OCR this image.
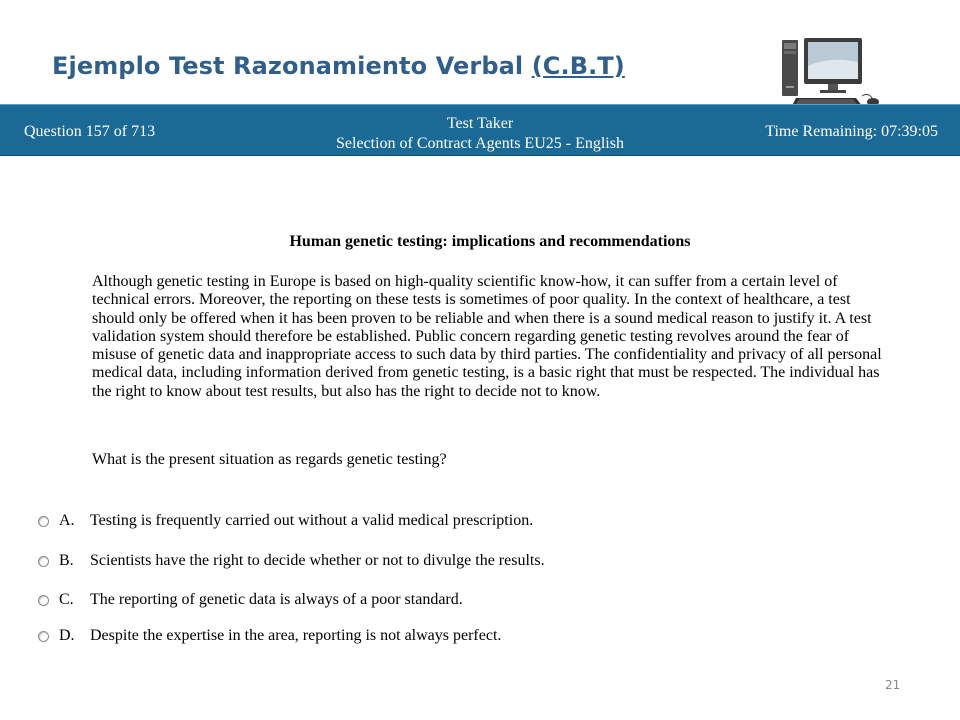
Ejemplo Test Razonamiento Verbal (C.B.T)
Question 157 of 713	Test Taker
Selection of Contract Agents EU25 - English
Time Remaining: 07:39:05
Human genetic testing: implications and recommendations
Although genetic testing in Europe is based on high-quality scientific know-how, it can suffer from a certain level of technical errors. Moreover, the reporting on these tests is sometimes of poor quality. In the context of healthcare, a test should only be offered when it has been proven to be reliable and when there is a sound medical reason to justify it. A test validation system should therefore be established. Public concern regarding genetic testing revolves around the fear of misuse of genetic data and inappropriate access to such data by third parties. The confidentiality and privacy of all personal medical data, including information derived from genetic testing, is a basic right that must be respected. The individual has the right to know about test results, but also has the right to decide not to know.
What is the present situation as regards genetic testing?
A. Testing is frequently carried out without a valid medical prescription.
B. Scientists have the right to decide whether or not to divulge the results.
C. The reporting of genetic data is always of a poor standard.
D. Despite the expertise in the area, reporting is not always perfect.
21
